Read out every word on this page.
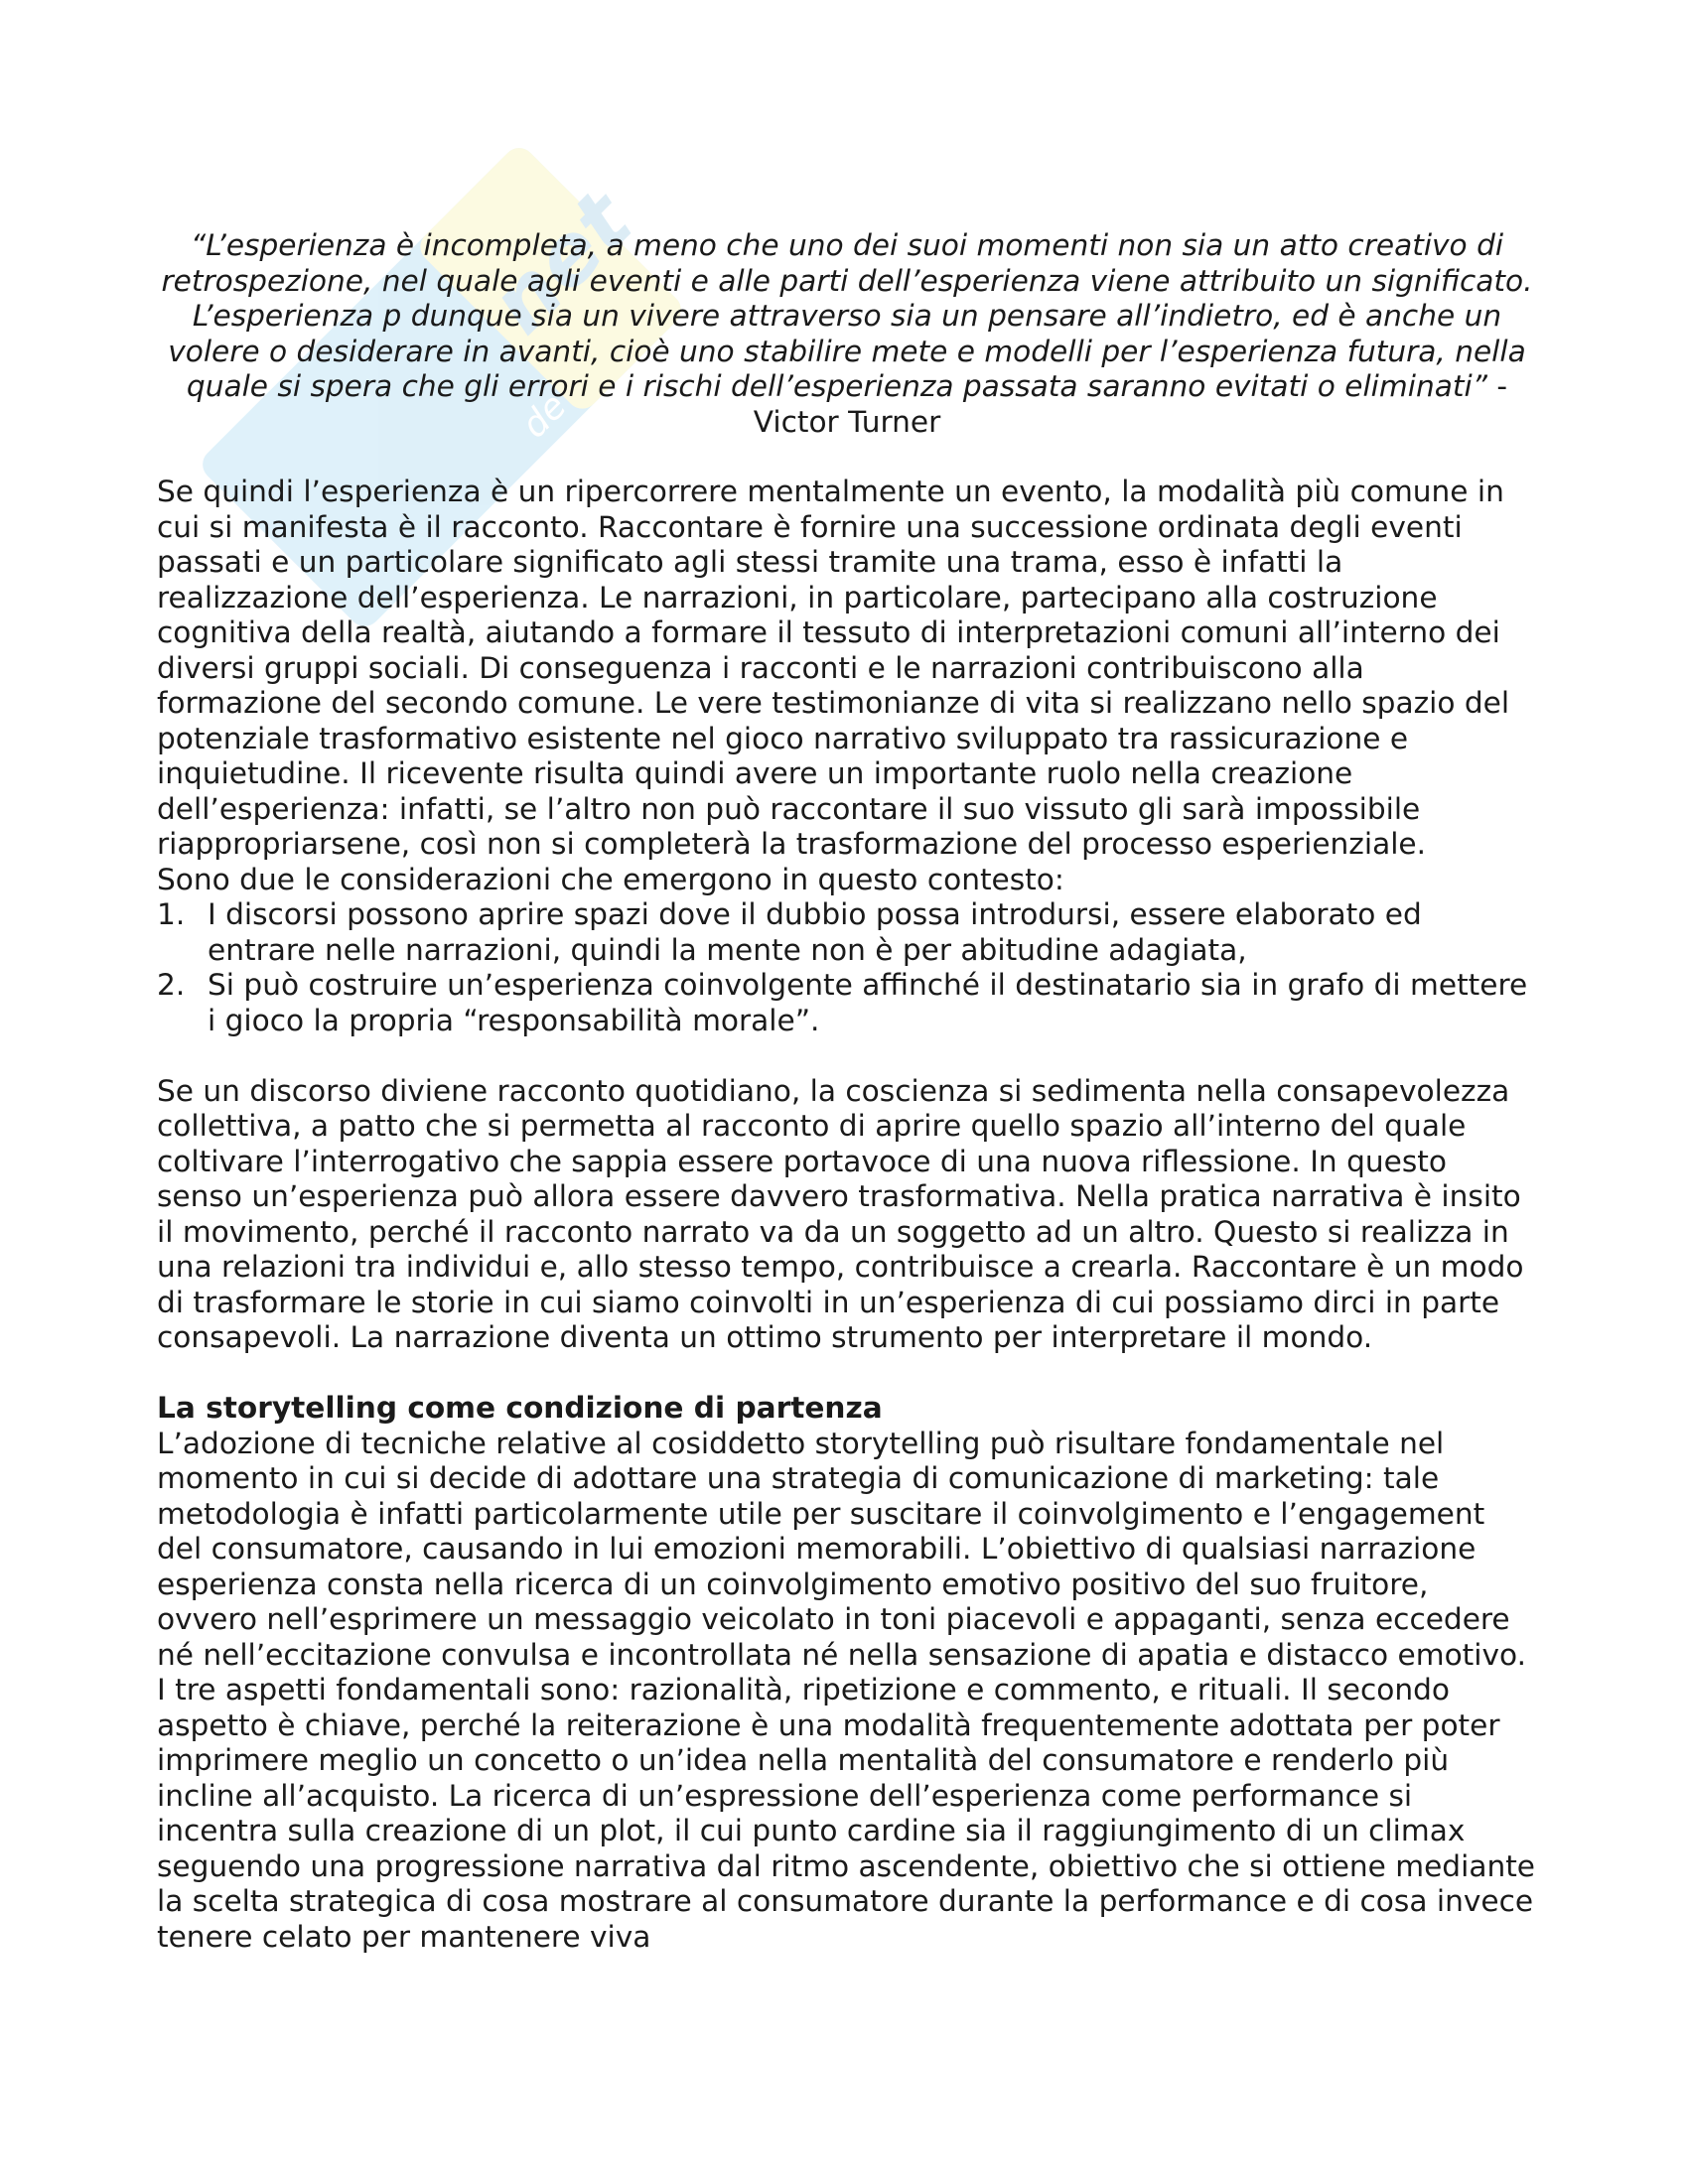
net
de
“L’esperienza è incompleta, a meno che uno dei suoi momenti non sia un atto creativo di retrospezione, nel quale agli eventi e alle parti dell’esperienza viene attribuito un significato. L’esperienza p dunque sia un vivere attraverso sia un pensare all’indietro, ed è anche un volere o desiderare in avanti, cioè uno stabilire mete e modelli per l’esperienza futura, nella quale si spera che gli errori e i rischi dell’esperienza passata saranno evitati o eliminati” - Victor Turner

Se quindi l’esperienza è un ripercorrere mentalmente un evento, la modalità più comune in cui si manifesta è il racconto. Raccontare è fornire una successione ordinata degli eventi passati e un particolare significato agli stessi tramite una trama, esso è infatti la realizzazione dell’esperienza. Le narrazioni, in particolare, partecipano alla costruzione cognitiva della realtà, aiutando a formare il tessuto di interpretazioni comuni all’interno dei diversi gruppi sociali. Di conseguenza i racconti e le narrazioni contribuiscono alla formazione del secondo comune. Le vere testimonianze di vita si realizzano nello spazio del potenziale trasformativo esistente nel gioco narrativo sviluppato tra rassicurazione e inquietudine. Il ricevente risulta quindi avere un importante ruolo nella creazione dell’esperienza: infatti, se l’altro non può raccontare il suo vissuto gli sarà impossibile riappropriarsene, così non si completerà la trasformazione del processo esperienziale.

Sono due le considerazioni che emergono in questo contesto:

1. I discorsi possono aprire spazi dove il dubbio possa introdursi, essere elaborato ed entrare nelle narrazioni, quindi la mente non è per abitudine adagiata,
2. Si può costruire un’esperienza coinvolgente affinché il destinatario sia in grafo di mettere i gioco la propria “responsabilità morale”.

Se un discorso diviene racconto quotidiano, la coscienza si sedimenta nella consapevolezza collettiva, a patto che si permetta al racconto di aprire quello spazio all’interno del quale coltivare l’interrogativo che sappia essere portavoce di una nuova riflessione. In questo senso un’esperienza può allora essere davvero trasformativa. Nella pratica narrativa è insito il movimento, perché il racconto narrato va da un soggetto ad un altro. Questo si realizza in una relazioni tra individui e, allo stesso tempo, contribuisce a crearla. Raccontare è un modo di trasformare le storie in cui siamo coinvolti in un’esperienza di cui possiamo dirci in parte consapevoli. La narrazione diventa un ottimo strumento per interpretare il mondo.

La storytelling come condizione di partenza

L’adozione di tecniche relative al cosiddetto storytelling può risultare fondamentale nel momento in cui si decide di adottare una strategia di comunicazione di marketing: tale metodologia è infatti particolarmente utile per suscitare il coinvolgimento e l’engagement del consumatore, causando in lui emozioni memorabili. L’obiettivo di qualsiasi narrazione esperienza consta nella ricerca di un coinvolgimento emotivo positivo del suo fruitore, ovvero nell’esprimere un messaggio veicolato in toni piacevoli e appaganti, senza eccedere né nell’eccitazione convulsa e incontrollata né nella sensazione di apatia e distacco emotivo. I tre aspetti fondamentali sono: razionalità, ripetizione e commento, e rituali. Il secondo aspetto è chiave, perché la reiterazione è una modalità frequentemente adottata per poter imprimere meglio un concetto o un’idea nella mentalità del consumatore e renderlo più incline all’acquisto. La ricerca di un’espressione dell’esperienza come performance si incentra sulla creazione di un plot, il cui punto cardine sia il raggiungimento di un climax seguendo una progressione narrativa dal ritmo ascendente, obiettivo che si ottiene mediante la scelta strategica di cosa mostrare al consumatore durante la performance e di cosa invece tenere celato per mantenere viva
